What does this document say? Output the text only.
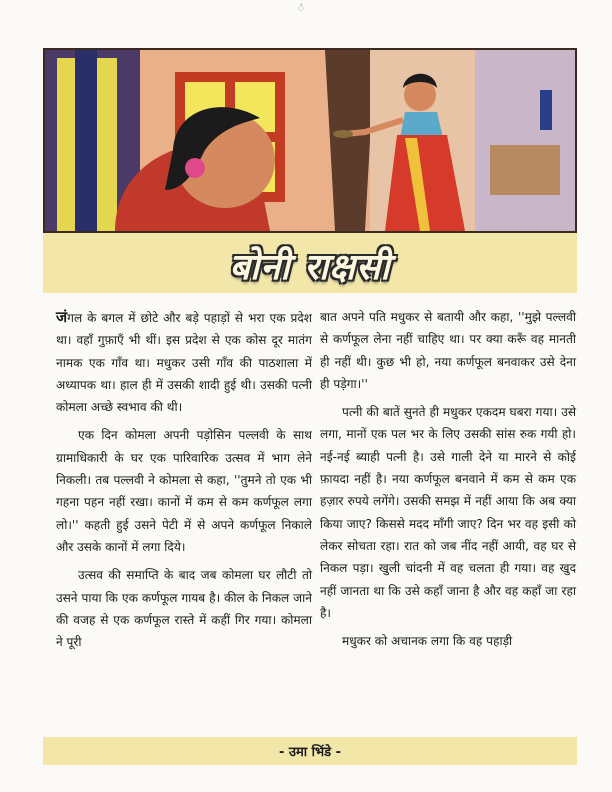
ं
बोनी राक्षसी

जंगल के बगल में छोटे और बड़े पहाड़ों से भरा एक प्रदेश था। वहाँ गुफ़ाएँ भी थीं। इस प्रदेश से एक कोस दूर मातंग नामक एक गाँव था। मधुकर उसी गाँव की पाठशाला में अध्यापक था। हाल ही में उसकी शादी हुई थी। उसकी पत्नी कोमला अच्छे स्वभाव की थी।

एक दिन कोमला अपनी पड़ोसिन पल्लवी के साथ ग्रामाधिकारी के घर एक पारिवारिक उत्सव में भाग लेने निकली। तब पल्लवी ने कोमला से कहा, ''तुमने तो एक भी गहना पहन नहीं रखा। कानों में कम से कम कर्णफूल लगा लो।'' कहती हुई उसने पेटी में से अपने कर्णफूल निकाले और उसके कानों में लगा दिये।

उत्सव की समाप्ति के बाद जब कोमला घर लौटी तो उसने पाया कि एक कर्णफूल गायब है। कील के निकल जाने की वजह से एक कर्णफूल रास्ते में कहीं गिर गया। कोमला ने पूरी

बात अपने पति मधुकर से बतायी और कहा, ''मुझे पल्लवी से कर्णफूल लेना नहीं चाहिए था। पर क्या करूँ वह मानती ही नहीं थी। कुछ भी हो, नया कर्णफूल बनवाकर उसे देना ही पड़ेगा।''

पत्नी की बातें सुनते ही मधुकर एकदम घबरा गया। उसे लगा, मानों एक पल भर के लिए उसकी सांस रुक गयी हो। नई-नई ब्याही पत्नी है। उसे गाली देने या मारने से कोई फ़ायदा नहीं है। नया कर्णफूल बनवाने में कम से कम एक हज़ार रुपये लगेंगे। उसकी समझ में नहीं आया कि अब क्या किया जाए? किससे मदद माँगी जाए? दिन भर वह इसी को लेकर सोचता रहा। रात को जब नींद नहीं आयी, वह घर से निकल पड़ा। खुली चांदनी में वह चलता ही गया। वह खुद नहीं जानता था कि उसे कहाँ जाना है और वह कहाँ जा रहा है।

मधुकर को अचानक लगा कि वह पहाड़ी

- उमा भिंडे -
